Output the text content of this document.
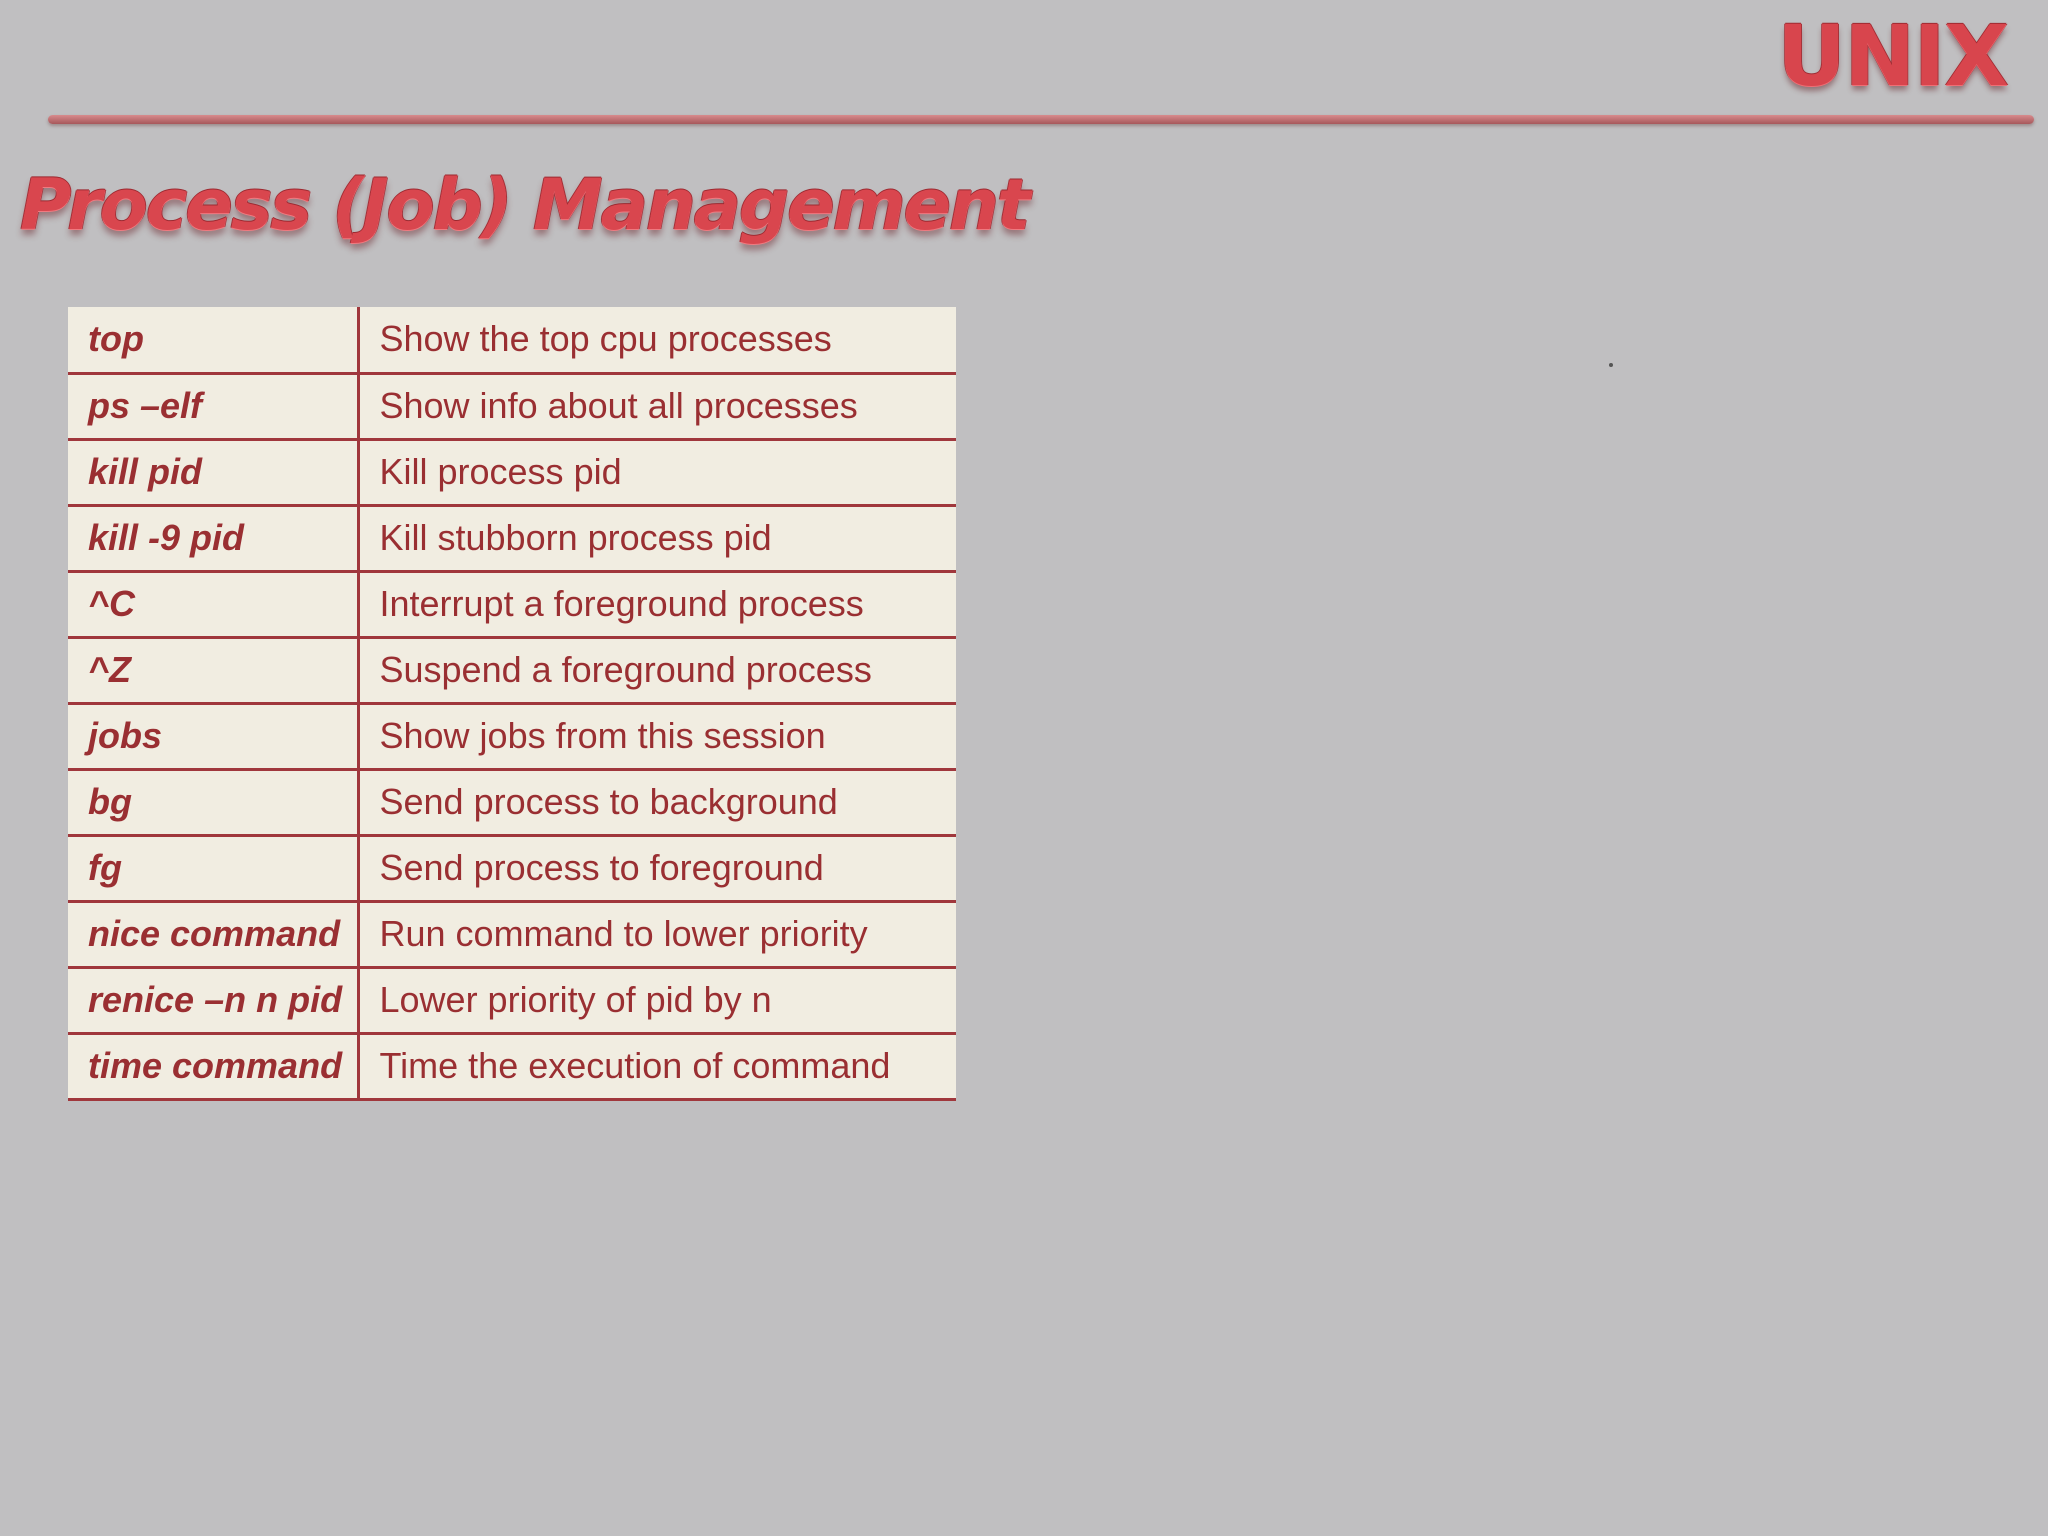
UNIX
Process (Job) Management
top	Show the top cpu processes
ps –elf	Show info about all processes
kill pid	Kill process pid
kill -9 pid	Kill stubborn process pid
^C	Interrupt a foreground process
^Z	Suspend a foreground process
jobs	Show jobs from this session
bg	Send process to background
fg	Send process to foreground
nice command	Run command to lower priority
renice –n n pid	Lower priority of pid by n
time command	Time the execution of command
